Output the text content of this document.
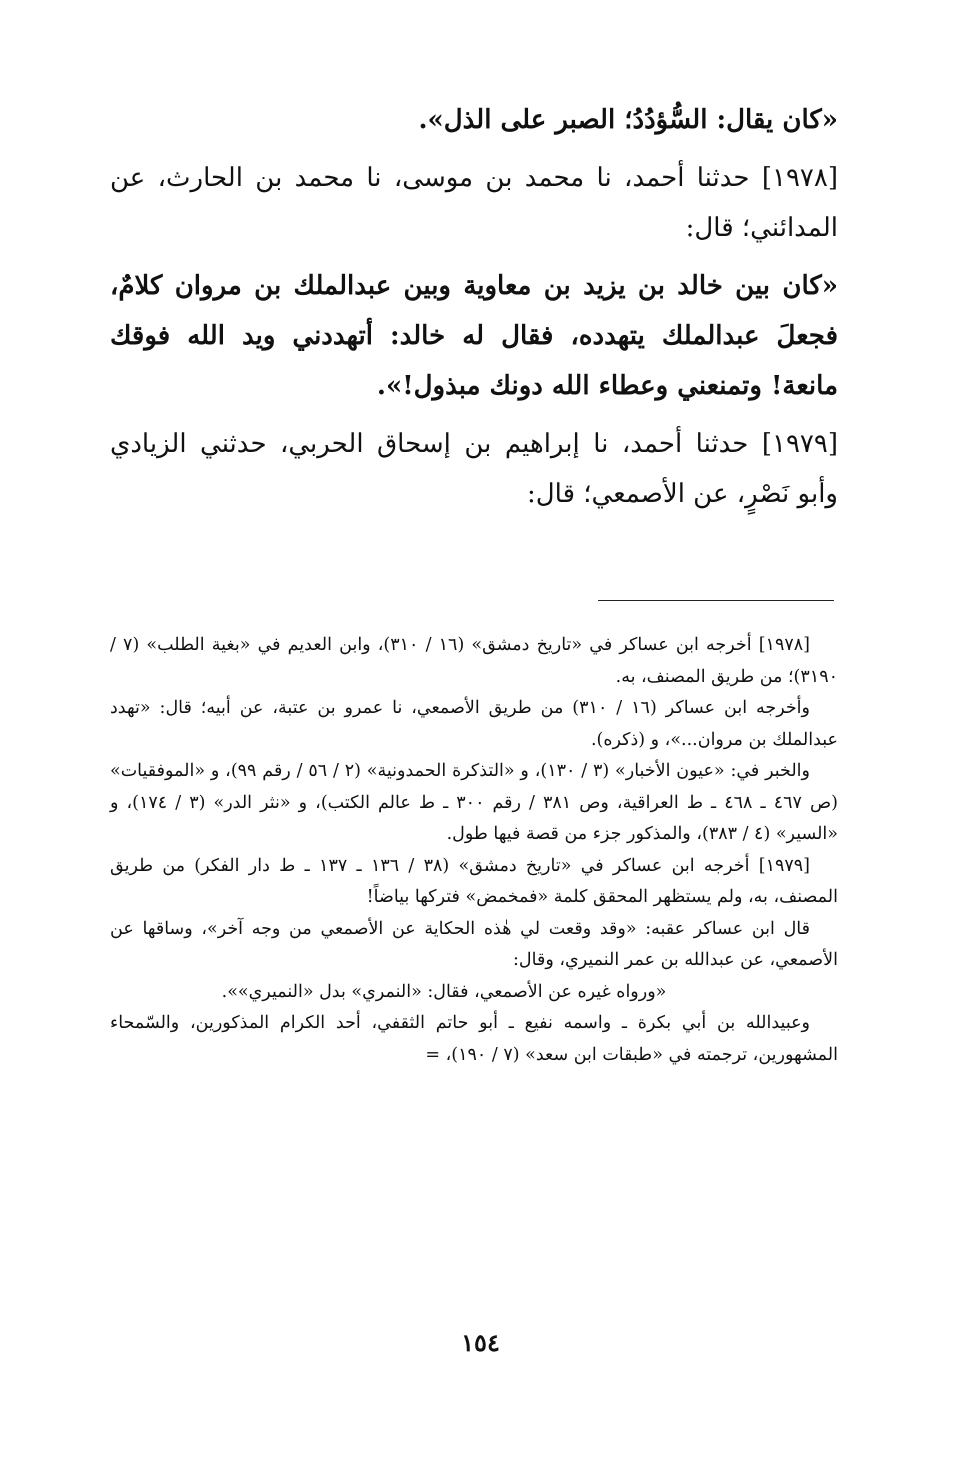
«كان يقال: السُّؤدُدُ؛ الصبر على الذل».

[١٩٧٨] حدثنا أحمد، نا محمد بن موسى، نا محمد بن الحارث، عن المدائني؛ قال:

«كان بين خالد بن يزيد بن معاوية وبين عبدالملك بن مروان كلامٌ، فجعلَ عبدالملك يتهدده، فقال له خالد: أتهددني ويد الله فوقك مانعة! وتمنعني وعطاء الله دونك مبذول!».

[١٩٧٩] حدثنا أحمد، نا إبراهيم بن إسحاق الحربي، حدثني الزيادي وأبو نَصْرٍ، عن الأصمعي؛ قال:

[١٩٧٨] أخرجه ابن عساكر في «تاريخ دمشق» (١٦ / ٣١٠)، وابن العديم في «بغية الطلب» (٧ / ٣١٩٠)؛ من طريق المصنف، به.

وأخرجه ابن عساكر (١٦ / ٣١٠) من طريق الأصمعي، نا عمرو بن عتبة، عن أبيه؛ قال: «تهدد عبدالملك بن مروان...»، و (ذكره).

والخبر في: «عيون الأخبار» (٣ / ١٣٠)، و «التذكرة الحمدونية» (٢ / ٥٦ / رقم ٩٩)، و «الموفقيات» (ص ٤٦٧ ـ ٤٦٨ ـ ط العراقية، وص ٣٨١ / رقم ٣٠٠ ـ ط عالم الكتب)، و «نثر الدر» (٣ / ١٧٤)، و «السير» (٤ / ٣٨٣)، والمذكور جزء من قصة فيها طول.

[١٩٧٩] أخرجه ابن عساكر في «تاريخ دمشق» (٣٨ / ١٣٦ ـ ١٣٧ ـ ط دار الفكر) من طريق المصنف، به، ولم يستظهر المحقق كلمة «فمخمض» فتركها بياضاً!

قال ابن عساكر عقبه: «وقد وقعت لي هٰذه الحكاية عن الأصمعي من وجه آخر»، وساقها عن الأصمعي، عن عبدالله بن عمر النميري، وقال:

«ورواه غيره عن الأصمعي، فقال: «النمري» بدل «النميري»».

وعبيدالله بن أبي بكرة ـ واسمه نفيع ـ أبو حاتم الثقفي، أحد الكرام المذكورين، والسّمحاء المشهورين، ترجمته في «طبقات ابن سعد» (٧ / ١٩٠)، =

١٥٤
